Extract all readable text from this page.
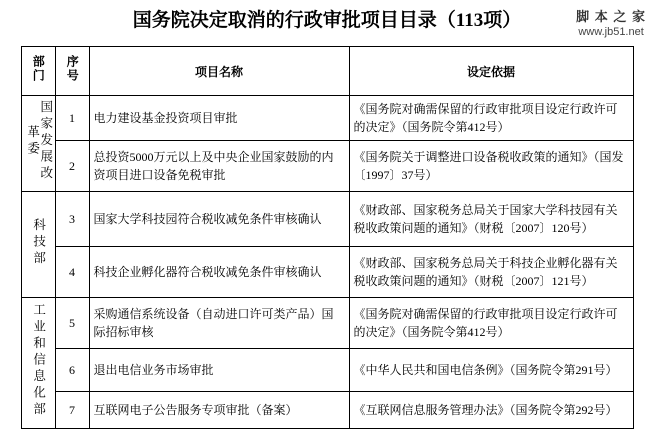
国务院决定取消的行政审批项目目录（113项）	脚 本 之 家
www.jb51.net
部门	序号	项目名称	设定依据
国家发展改革委	1	电力建设基金投资项目审批	《国务院对确需保留的行政审批项目设定行政许可的决定》（国务院令第412号）
	2	总投资5000万元以上及中央企业国家鼓励的内资项目进口设备免税审批	《国务院关于调整进口设备税收政策的通知》（国发〔1997〕37号）
科技部	3	国家大学科技园符合税收减免条件审核确认	《财政部、国家税务总局关于国家大学科技园有关税收政策问题的通知》（财税〔2007〕120号）
	4	科技企业孵化器符合税收减免条件审核确认	《财政部、国家税务总局关于科技企业孵化器有关税收政策问题的通知》（财税〔2007〕121号）
工业和信息化部	5	采购通信系统设备（自动进口许可类产品）国际招标审核	《国务院对确需保留的行政审批项目设定行政许可的决定》（国务院令第412号）
	6	退出电信业务市场审批	《中华人民共和国电信条例》（国务院令第291号）
	7	互联网电子公告服务专项审批（备案）	《互联网信息服务管理办法》（国务院令第292号）
